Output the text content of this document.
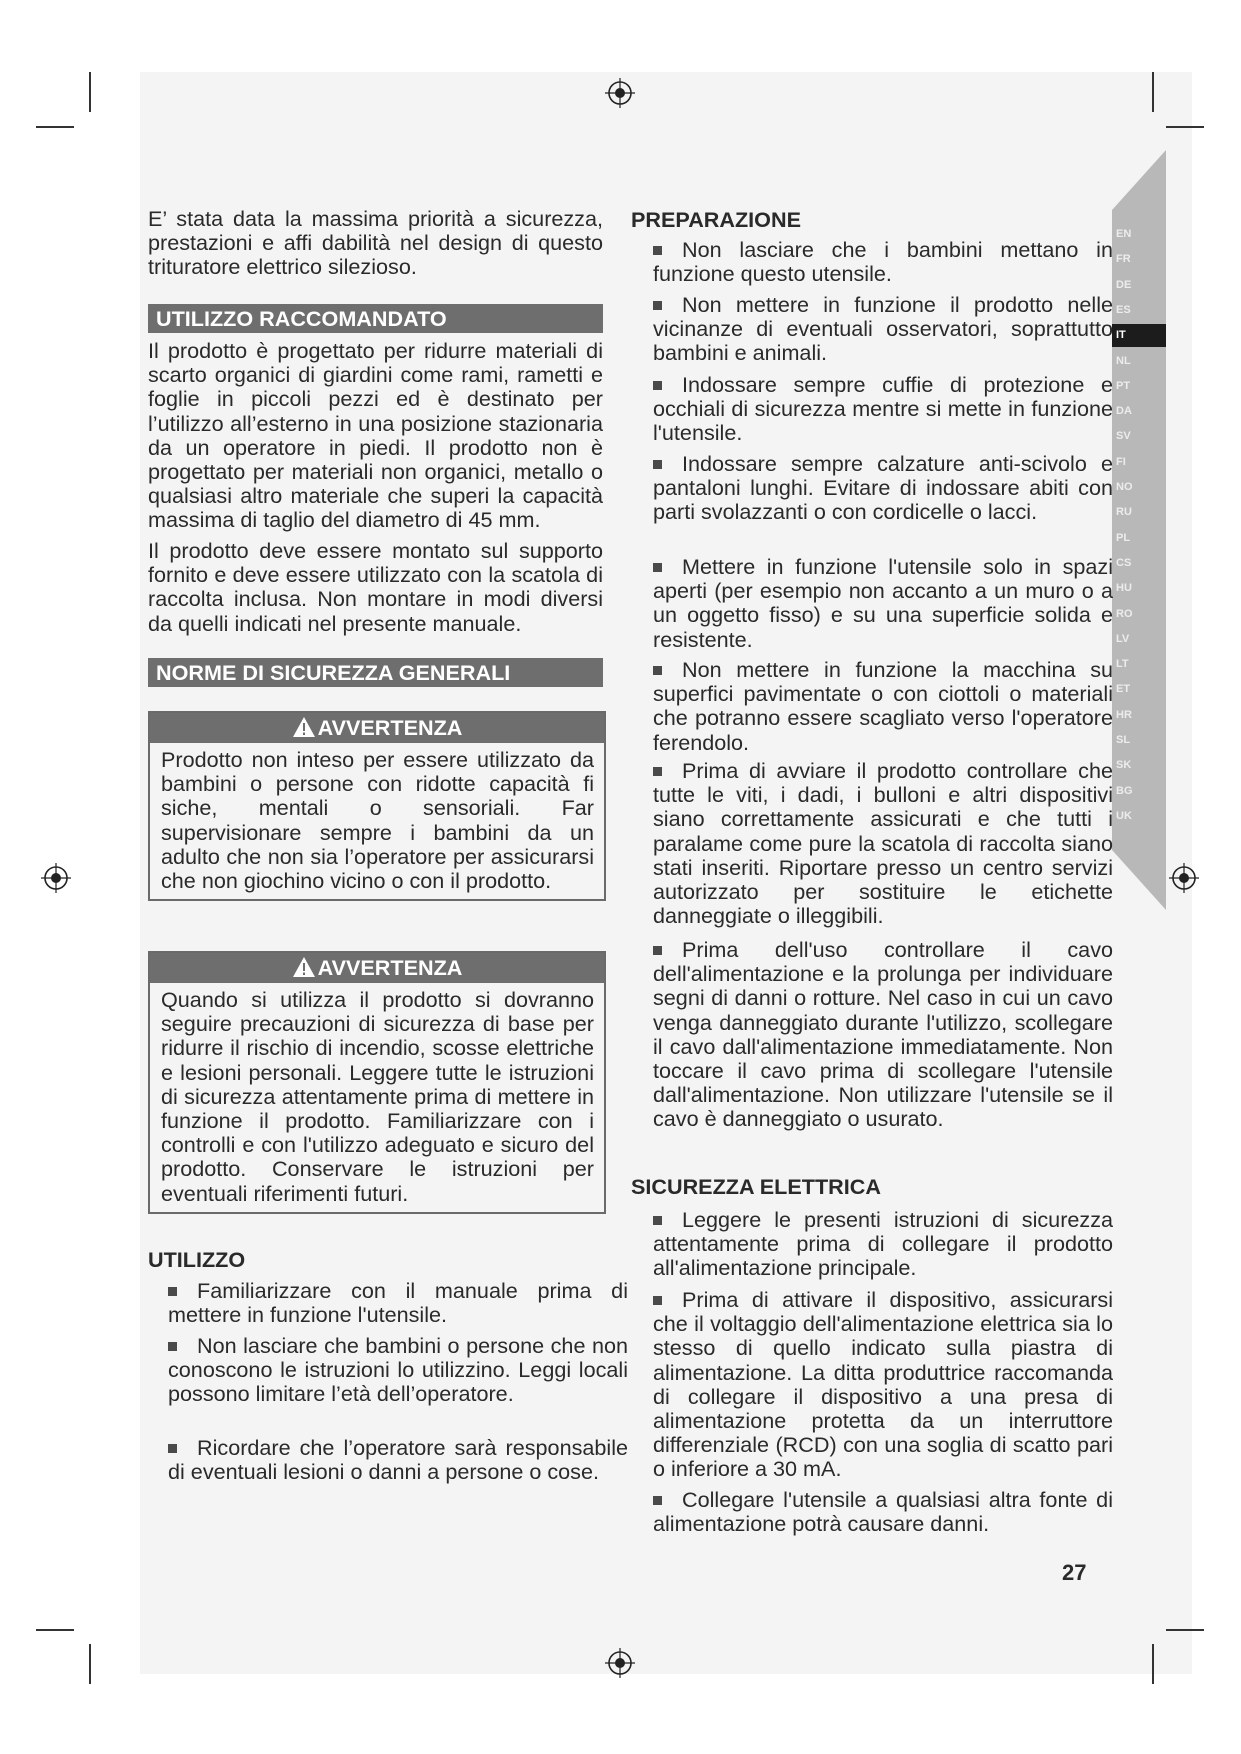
EN
FR
DE
ES
IT
NL
PT
DA
SV
FI
NO
RU
PL
CS
HU
RO
LV
LT
ET
HR
SL
SK
BG
UK

E’ stata data la massima priorità a sicurezza, prestazioni e affi dabilità nel design di questo trituratore elettrico silezioso.

UTILIZZO RACCOMANDATO

Il prodotto è progettato per ridurre materiali di scarto organici di giardini come rami, rametti e foglie in piccoli pezzi ed è destinato per l’utilizzo all’esterno in una posizione stazionaria da un operatore in piedi. Il prodotto non è progettato per materiali non organici, metallo o qualsiasi altro materiale che superi la capacità massima di taglio del diametro di 45 mm.

Il prodotto deve essere montato sul supporto fornito e deve essere utilizzato con la scatola di raccolta inclusa. Non montare in modi diversi da quelli indicati nel presente manuale.

NORME DI SICUREZZA GENERALI
AVVERTENZA

Prodotto non inteso per essere utilizzato da bambini o persone con ridotte capacità fi siche, mentali o sensoriali. Far supervisionare sempre i bambini da un adulto che non sia l’operatore per assicurarsi che non giochino vicino o con il prodotto.

AVVERTENZA

Quando si utilizza il prodotto si dovranno seguire precauzioni di sicurezza di base per ridurre il rischio di incendio, scosse elettriche e lesioni personali. Leggere tutte le istruzioni di sicurezza attentamente prima di mettere in funzione il prodotto. Familiarizzare con i controlli e con l'utilizzo adeguato e sicuro del prodotto. Conservare le istruzioni per eventuali riferimenti futuri.

UTILIZZO

Familiarizzare con il manuale prima di mettere in funzione l'utensile.

Non lasciare che bambini o persone che non conoscono le istruzioni lo utilizzino. Leggi locali possono limitare l’età dell’operatore.

Ricordare che l’operatore sarà responsabile di eventuali lesioni o danni a persone o cose.

PREPARAZIONE

Non lasciare che i bambini mettano in funzione questo utensile.

Non mettere in funzione il prodotto nelle vicinanze di eventuali osservatori, soprattutto bambini e animali.

Indossare sempre cuffie di protezione e occhiali di sicurezza mentre si mette in funzione l'utensile.

Indossare sempre calzature anti-scivolo e pantaloni lunghi. Evitare di indossare abiti con parti svolazzanti o con cordicelle o lacci.

Mettere in funzione l'utensile solo in spazi aperti (per esempio non accanto a un muro o a un oggetto fisso) e su una superficie solida e resistente.

Non mettere in funzione la macchina su superfici pavimentate o con ciottoli o materiali che potranno essere scagliato verso l'operatore ferendolo.

Prima di avviare il prodotto controllare che tutte le viti, i dadi, i bulloni e altri dispositivi siano correttamente assicurati e che tutti i paralame come pure la scatola di raccolta siano stati inseriti. Riportare presso un centro servizi autorizzato per sostituire le etichette danneggiate o illeggibili.

Prima dell'uso controllare il cavo dell'alimentazione e la prolunga per individuare segni di danni o rotture. Nel caso in cui un cavo venga danneggiato durante l'utilizzo, scollegare il cavo dall'alimentazione immediatamente. Non toccare il cavo prima di scollegare l'utensile dall'alimentazione. Non utilizzare l'utensile se il cavo è danneggiato o usurato.

SICUREZZA ELETTRICA

Leggere le presenti istruzioni di sicurezza attentamente prima di collegare il prodotto all'alimentazione principale.

Prima di attivare il dispositivo, assicurarsi che il voltaggio dell'alimentazione elettrica sia lo stesso di quello indicato sulla piastra di alimentazione. La ditta produttrice raccomanda di collegare il dispositivo a una presa di alimentazione protetta da un interruttore differenziale (RCD) con una soglia di scatto pari o inferiore a 30 mA.

Collegare l'utensile a qualsiasi altra fonte di alimentazione potrà causare danni.

27
